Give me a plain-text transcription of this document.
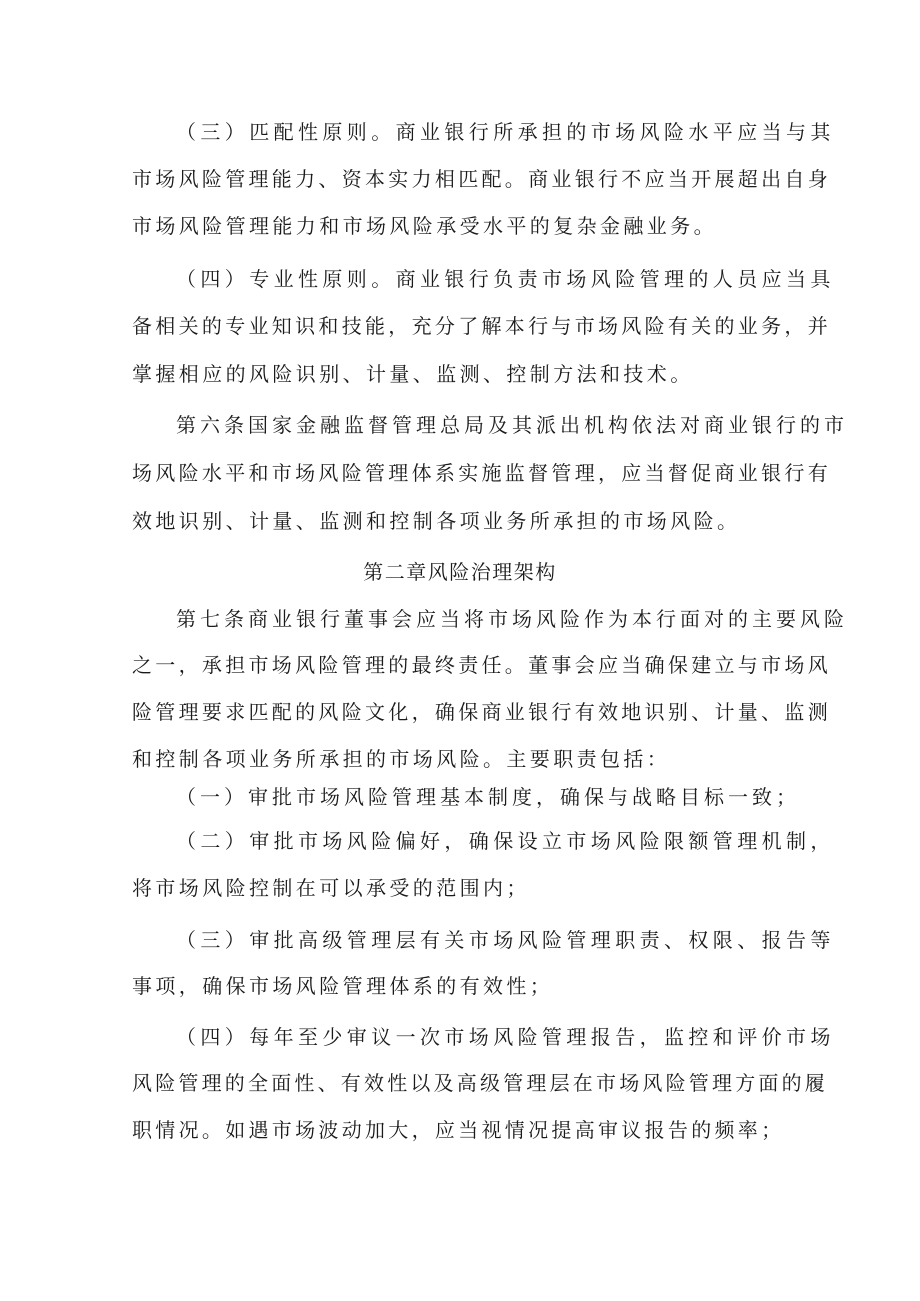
（三）匹配性原则。商业银行所承担的市场风险水平应当与其
市场风险管理能力、资本实力相匹配。商业银行不应当开展超出自身
市场风险管理能力和市场风险承受水平的复杂金融业务。
（四）专业性原则。商业银行负责市场风险管理的人员应当具
备相关的专业知识和技能，充分了解本行与市场风险有关的业务，并
掌握相应的风险识别、计量、监测、控制方法和技术。
第六条国家金融监督管理总局及其派出机构依法对商业银行的市
场风险水平和市场风险管理体系实施监督管理，应当督促商业银行有
效地识别、计量、监测和控制各项业务所承担的市场风险。
第二章风险治理架构
第七条商业银行董事会应当将市场风险作为本行面对的主要风险
之一，承担市场风险管理的最终责任。董事会应当确保建立与市场风
险管理要求匹配的风险文化，确保商业银行有效地识别、计量、监测
和控制各项业务所承担的市场风险。主要职责包括：
（一）审批市场风险管理基本制度，确保与战略目标一致；
（二）审批市场风险偏好，确保设立市场风险限额管理机制，
将市场风险控制在可以承受的范围内；
（三）审批高级管理层有关市场风险管理职责、权限、报告等
事项，确保市场风险管理体系的有效性；
（四）每年至少审议一次市场风险管理报告，监控和评价市场
风险管理的全面性、有效性以及高级管理层在市场风险管理方面的履
职情况。如遇市场波动加大，应当视情况提高审议报告的频率；
